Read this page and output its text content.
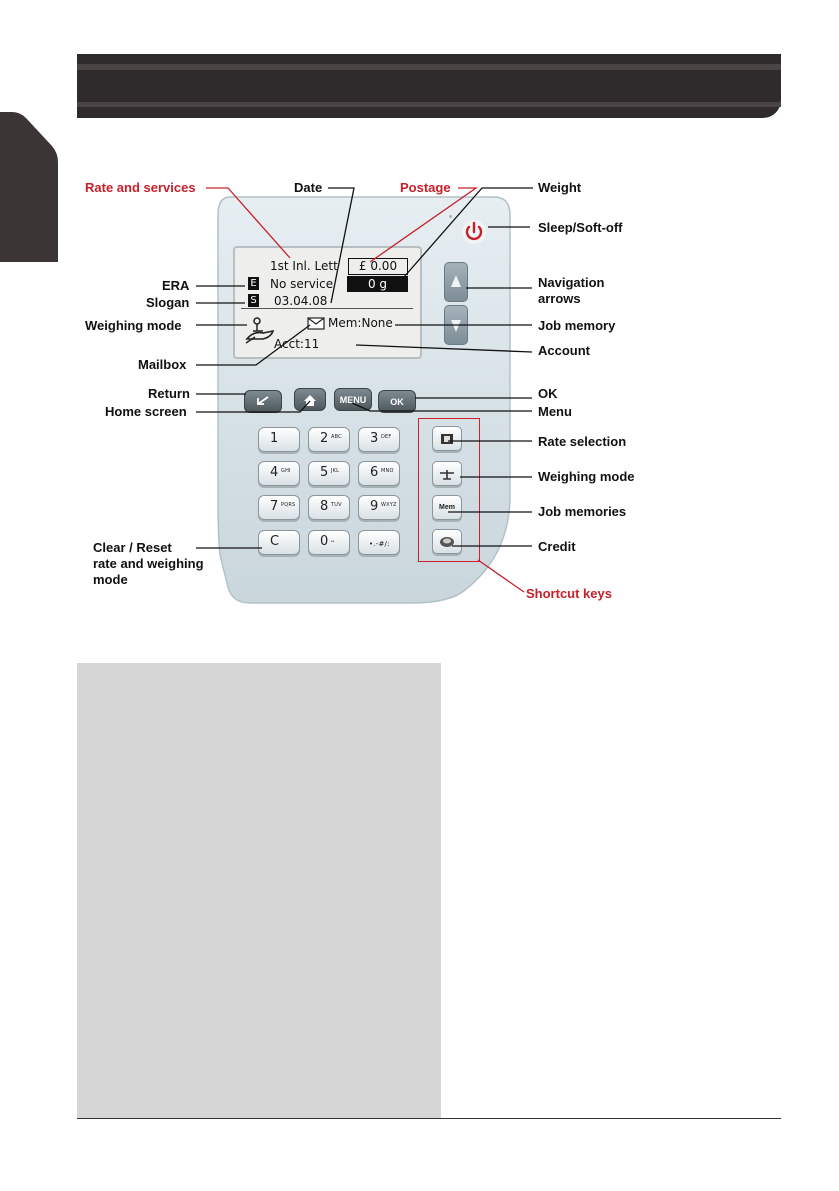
1st Inl. Lett	£ 0.00
E No service	0 g
S 03.04.08
Mem:None
Acct:11
MENU	OK
1	2 ABC 3 DEF
4 GHI 5 JKL 6 MNO
7 PQRS 8 TUV 9 WXYZ
C	0 ␣	•.-#/:
Mem
Rate and services	Date	Postage	Weight
Sleep/Soft-off
ERA
Slogan
Weighing mode
Mailbox
Return
Home screen
Clear / Reset
rate and weighing
mode
Navigation
arrows
Job memory
Account
OK
Menu
Rate selection
Weighing mode
Job memories
Credit
Shortcut keys
